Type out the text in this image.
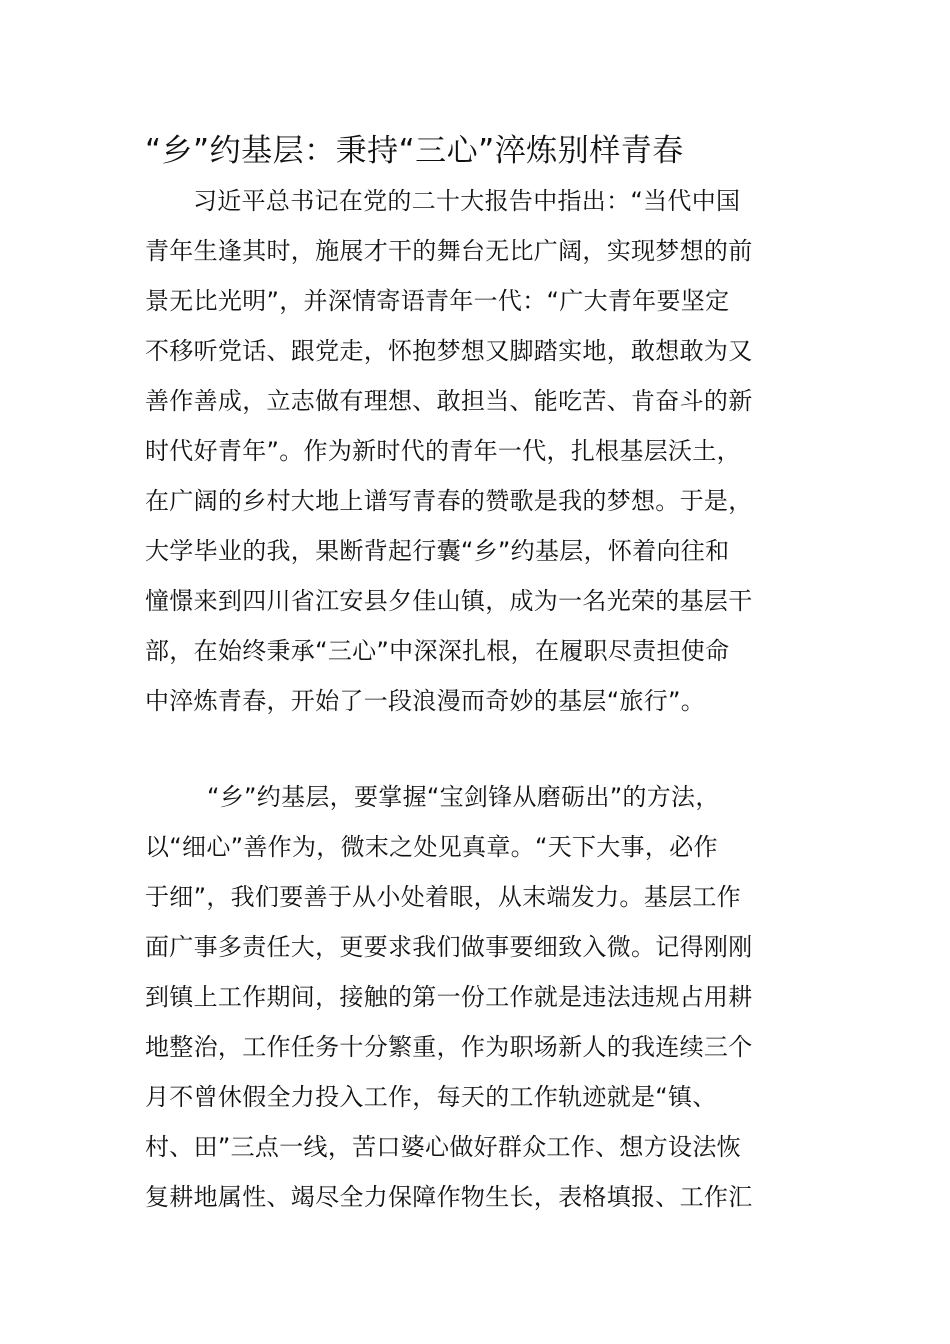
“乡”约基层：秉持“三心”淬炼别样青春
习近平总书记在党的二十大报告中指出：“当代中国
青年生逢其时，施展才干的舞台无比广阔，实现梦想的前
景无比光明”，并深情寄语青年一代：“广大青年要坚定
不移听党话、跟党走，怀抱梦想又脚踏实地，敢想敢为又
善作善成，立志做有理想、敢担当、能吃苦、肯奋斗的新
时代好青年”。作为新时代的青年一代，扎根基层沃土，
在广阔的乡村大地上谱写青春的赞歌是我的梦想。于是，
大学毕业的我，果断背起行囊“乡”约基层，怀着向往和
憧憬来到四川省江安县夕佳山镇，成为一名光荣的基层干
部，在始终秉承“三心”中深深扎根，在履职尽责担使命
中淬炼青春，开始了一段浪漫而奇妙的基层“旅行”。
“乡”约基层，要掌握“宝剑锋从磨砺出”的方法，
以“细心”善作为，微末之处见真章。“天下大事，必作
于细”，我们要善于从小处着眼，从末端发力。基层工作
面广事多责任大，更要求我们做事要细致入微。记得刚刚
到镇上工作期间，接触的第一份工作就是违法违规占用耕
地整治，工作任务十分繁重，作为职场新人的我连续三个
月不曾休假全力投入工作，每天的工作轨迹就是“镇、
村、田”三点一线，苦口婆心做好群众工作、想方设法恢
复耕地属性、竭尽全力保障作物生长，表格填报、工作汇
